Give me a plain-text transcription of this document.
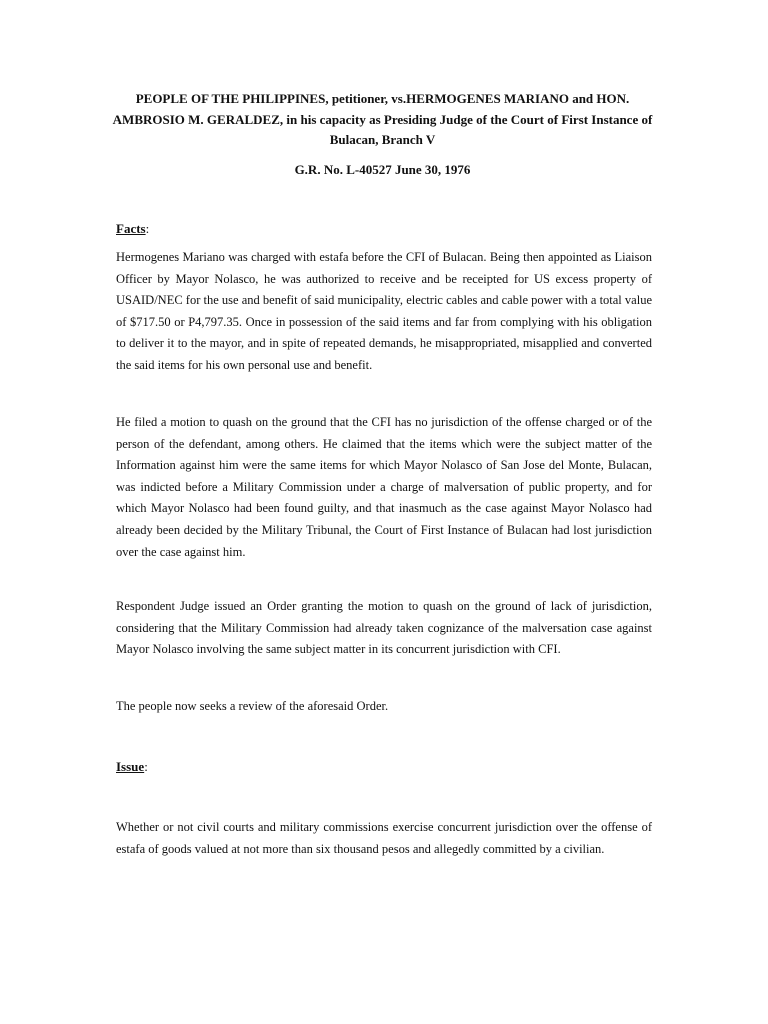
PEOPLE OF THE PHILIPPINES, petitioner, vs.HERMOGENES MARIANO and HON. AMBROSIO M. GERALDEZ, in his capacity as Presiding Judge of the Court of First Instance of Bulacan, Branch V
G.R. No. L-40527 June 30, 1976
Facts:

Hermogenes Mariano was charged with estafa before the CFI of Bulacan. Being then appointed as Liaison Officer by Mayor Nolasco, he was authorized to receive and be receipted for US excess property of USAID/NEC for the use and benefit of said municipality, electric cables and cable power with a total value of $717.50 or P4,797.35. Once in possession of the said items and far from complying with his obligation to deliver it to the mayor, and in spite of repeated demands, he misappropriated, misapplied and converted the said items for his own personal use and benefit.

He filed a motion to quash on the ground that the CFI has no jurisdiction of the offense charged or of the person of the defendant, among others. He claimed that the items which were the subject matter of the Information against him were the same items for which Mayor Nolasco of San Jose del Monte, Bulacan, was indicted before a Military Commission under a charge of malversation of public property, and for which Mayor Nolasco had been found guilty, and that inasmuch as the case against Mayor Nolasco had already been decided by the Military Tribunal, the Court of First Instance of Bulacan had lost jurisdiction over the case against him.

Respondent Judge issued an Order granting the motion to quash on the ground of lack of jurisdiction, considering that the Military Commission had already taken cognizance of the malversation case against Mayor Nolasco involving the same subject matter in its concurrent jurisdiction with CFI.

The people now seeks a review of the aforesaid Order.

Issue:

Whether or not civil courts and military commissions exercise concurrent jurisdiction over the offense of estafa of goods valued at not more than six thousand pesos and allegedly committed by a civilian.
